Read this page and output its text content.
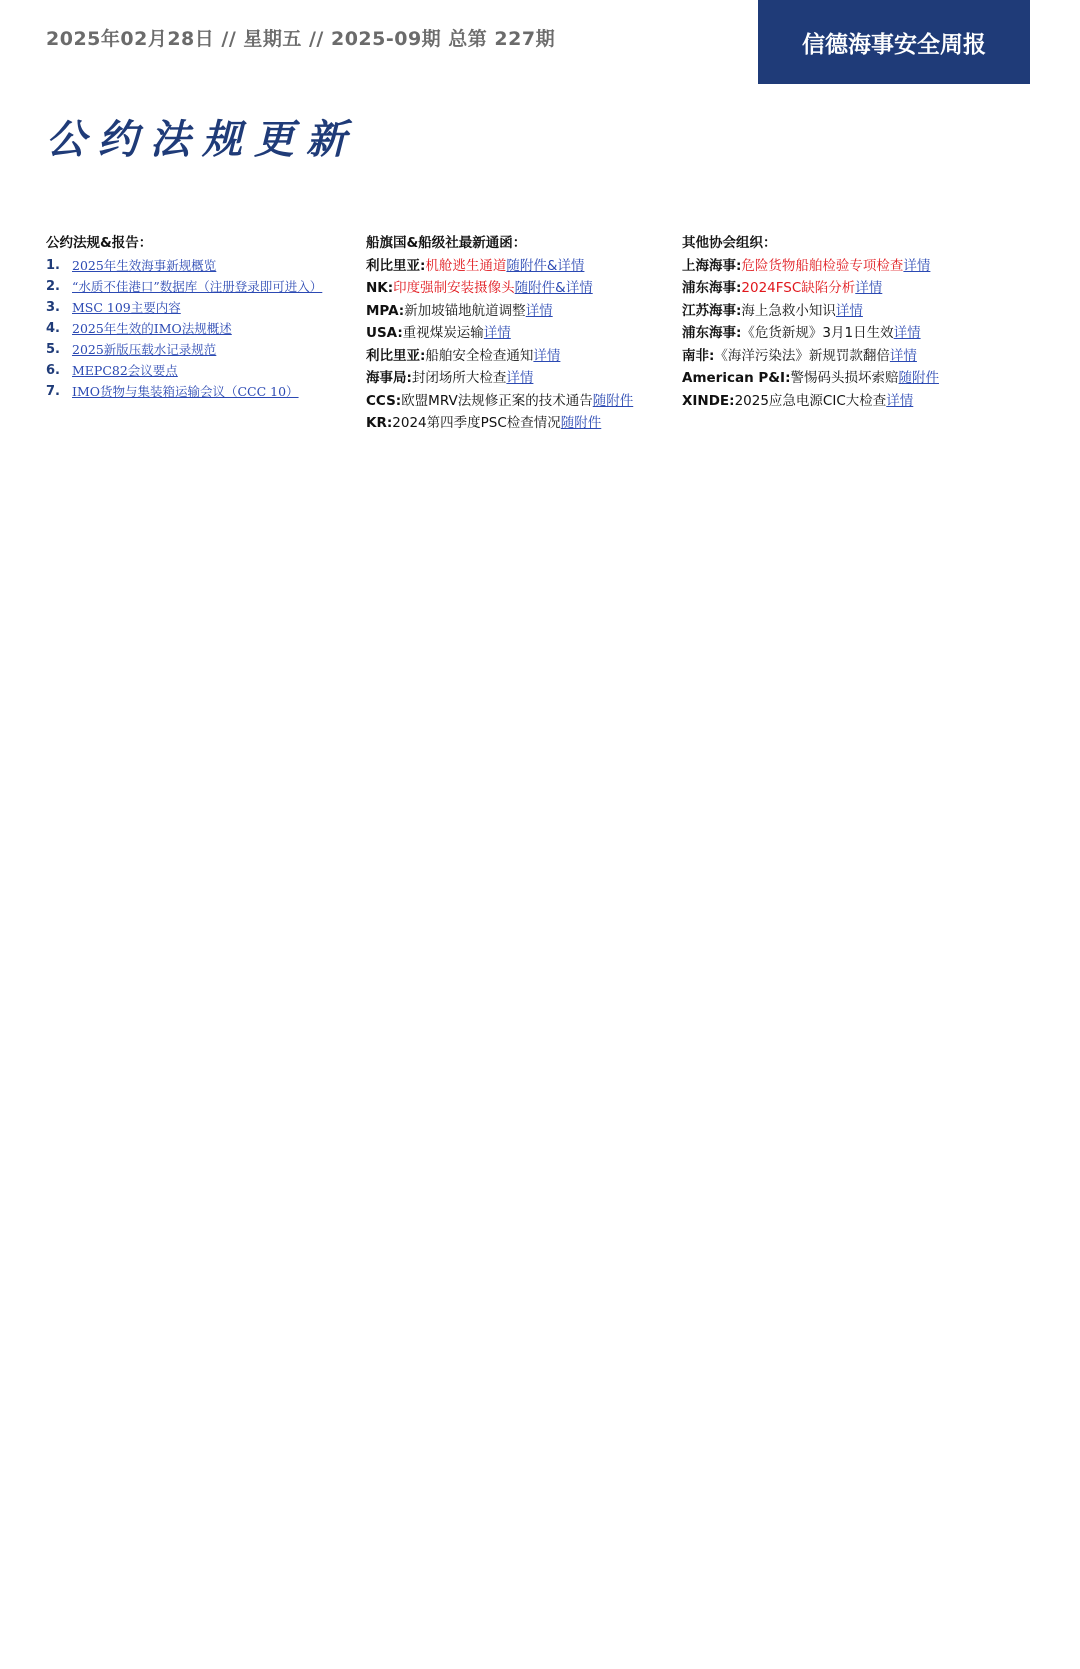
2025年02月28日 // 星期五 // 2025-09期 总第 227期	信德海事安全周报
公约法规更新
公约法规&报告：
1. 2025年生效海事新规概览
2. “水质不佳港口”数据库（注册登录即可进入）
3. MSC 109主要内容
4. 2025年生效的IMO法规概述
5. 2025新版压载水记录规范
6. MEPC82会议要点
7. IMO货物与集装箱运输会议（CCC 10）
船旗国&船级社最新通函：
利比里亚:机舱逃生通道随附件&详情
NK:印度强制安装摄像头随附件&详情
MPA:新加坡锚地航道调整详情
USA:重视煤炭运输详情
利比里亚:船舶安全检查通知详情
海事局:封闭场所大检查详情
CCS:欧盟MRV法规修正案的技术通告随附件
KR:2024第四季度PSC检查情况随附件
其他协会组织：
上海海事:危险货物船舶检验专项检查详情
浦东海事:2024FSC缺陷分析详情
江苏海事:海上急救小知识详情
浦东海事:《危货新规》3月1日生效详情
南非:《海洋污染法》新规罚款翻倍详情
American P&I:警惕码头损坏索赔随附件
XINDE:2025应急电源CIC大检查详情
